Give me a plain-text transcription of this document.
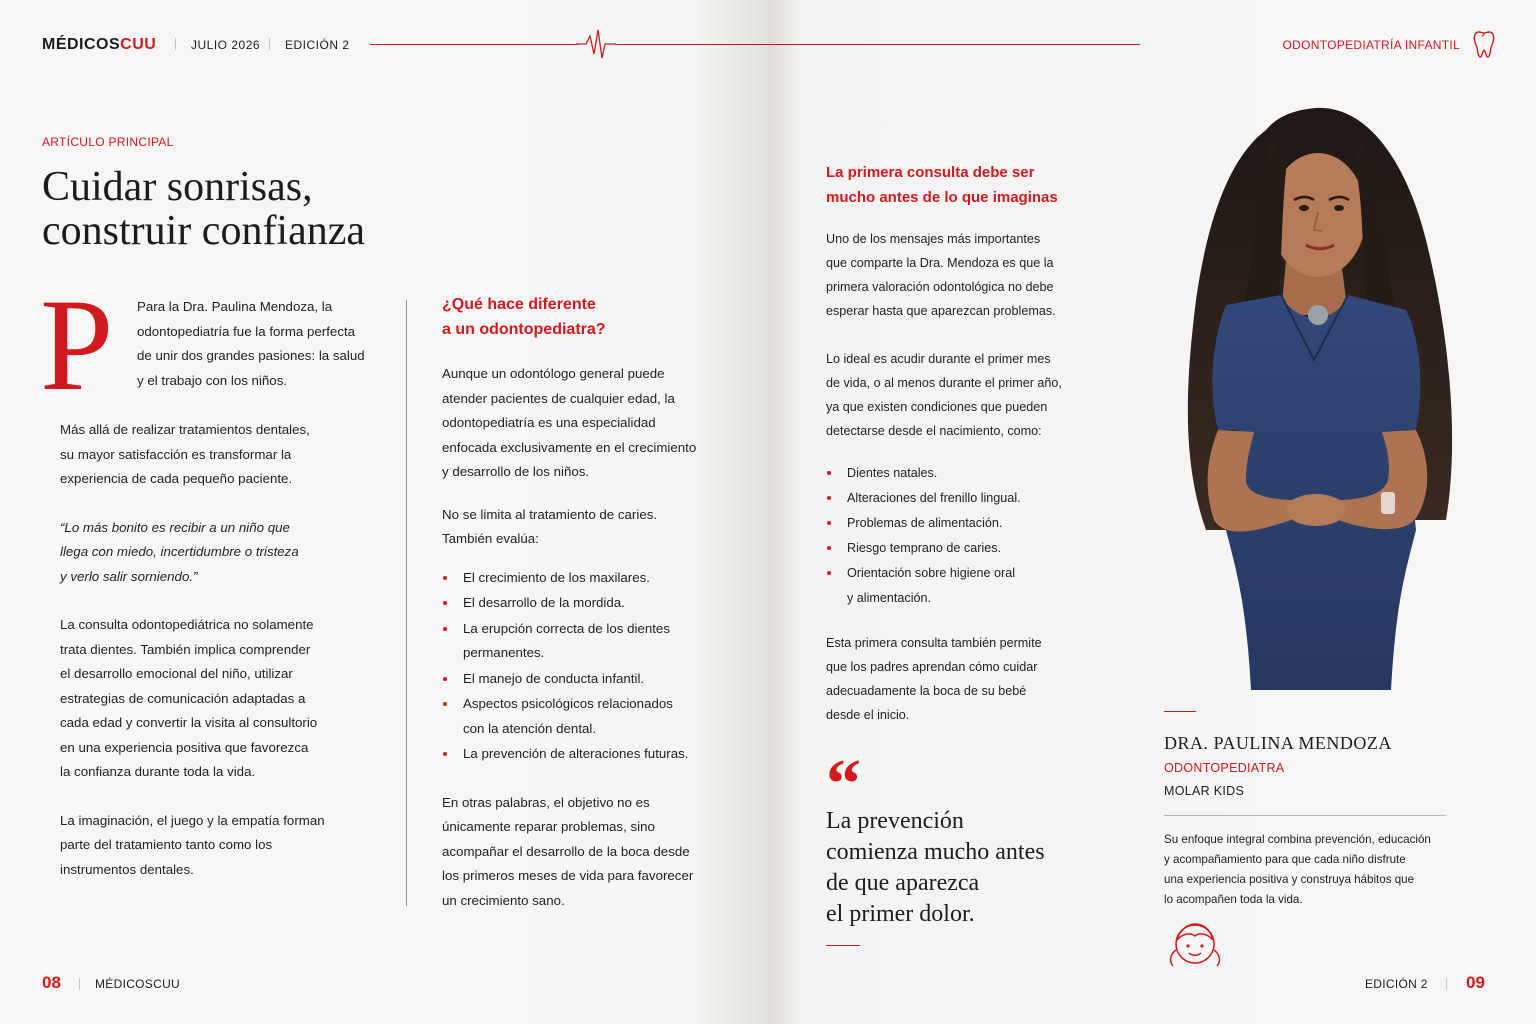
MÉDICOSCUU	JULIO 2026 EDICIÓN 2
ARTÍCULO PRINCIPAL
Cuidar sonrisas,
construir confianza
P Para la Dra. Paulina Mendoza, la
odontopediatría fue la forma perfecta
de unir dos grandes pasiones: la salud
y el trabajo con los niños.
Más allá de realizar tratamientos dentales,
su mayor satisfacción es transformar la
experiencia de cada pequeño paciente.
“Lo más bonito es recibir a un niño que
llega con miedo, incertidumbre o tristeza
y verlo salir sorniendo.”
La consulta odontopediátrica no solamente
trata dientes. También implica comprender
el desarrollo emocional del niño, utilizar
estrategias de comunicación adaptadas a
cada edad y convertir la visita al consultorio
en una experiencia positiva que favorezca
la confianza durante toda la vida.
La imaginación, el juego y la empatía forman
parte del tratamiento tanto como los
instrumentos dentales.
¿Qué hace diferente
a un odontopediatra?
Aunque un odontólogo general puede
atender pacientes de cualquier edad, la
odontopediatría es una especialidad
enfocada exclusivamente en el crecimiento
y desarrollo de los niños.
No se limita al tratamiento de caries.
También evalúa:
El crecimiento de los maxilares.
El desarrollo de la mordida.
La erupción correcta de los dientes
permanentes.
El manejo de conducta infantil.
Aspectos psicológicos relacionados
con la atención dental.
La prevención de alteraciones futuras.
En otras palabras, el objetivo no es
únicamente reparar problemas, sino
acompañar el desarrollo de la boca desde
los primeros meses de vida para favorecer
un crecimiento sano.
08	MÉDICOSCUU
ODONTOPEDIATRÍA INFANTIL
La primera consulta debe ser
mucho antes de lo que imaginas
Uno de los mensajes más importantes
que comparte la Dra. Mendoza es que la
primera valoración odontológica no debe
esperar hasta que aparezcan problemas.
Lo ideal es acudir durante el primer mes
de vida, o al menos durante el primer año,
ya que existen condiciones que pueden
detectarse desde el nacimiento, como:
Dientes natales.
Alteraciones del frenillo lingual.
Problemas de alimentación.
Riesgo temprano de caries.
Orientación sobre higiene oral
y alimentación.
Esta primera consulta también permite
que los padres aprendan cómo cuidar
adecuadamente la boca de su bebé
desde el inicio.
“
La prevención
comienza mucho antes
de que aparezca
el primer dolor.
DRA. PAULINA MENDOZA
ODONTOPEDIATRA
MOLAR KIDS
Su enfoque integral combina prevención, educación
y acompañamiento para que cada niño disfrute
una experiencia positiva y construya hábitos que
lo acompañen toda la vida.
EDICIÓN 2 09
